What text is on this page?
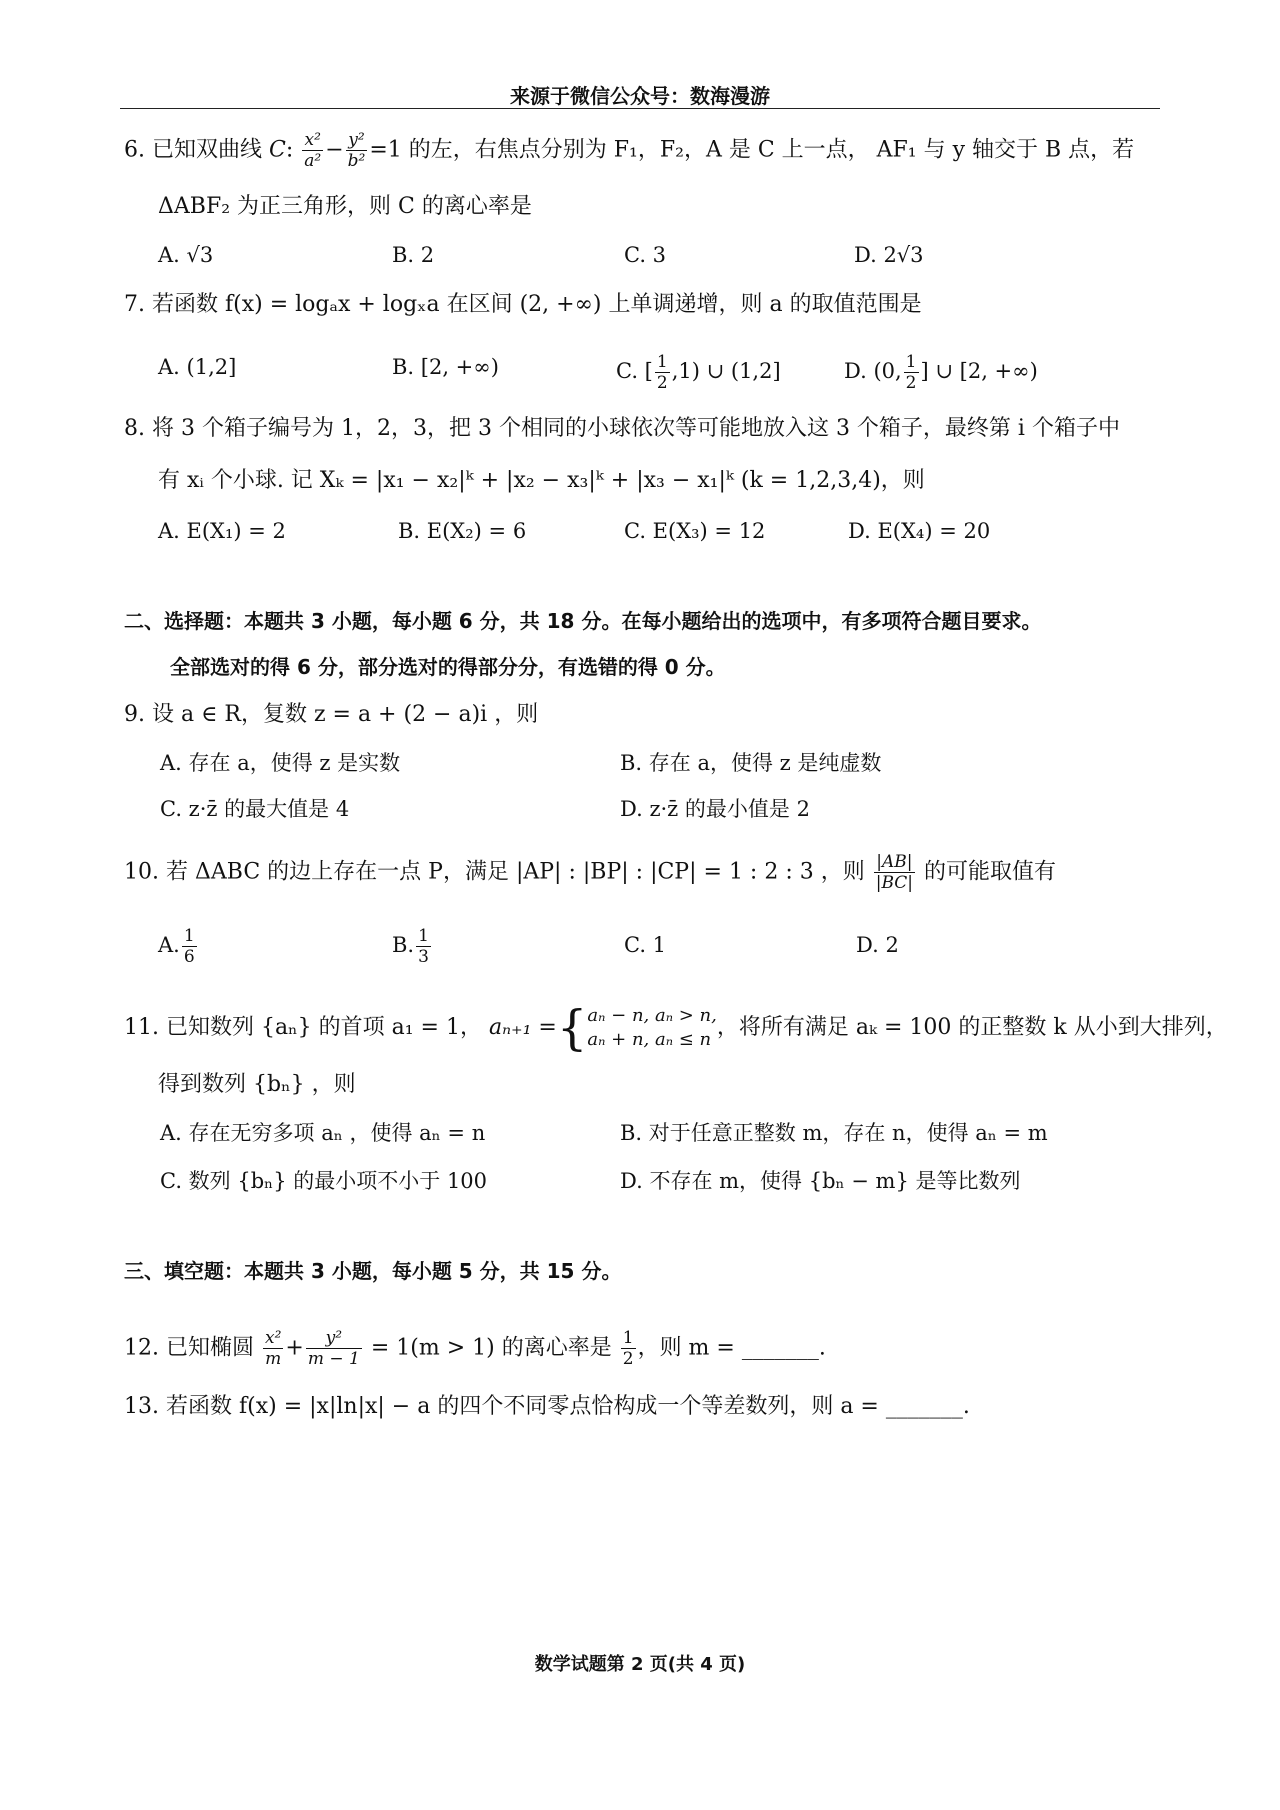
来源于微信公众号：数海漫游
6. 已知双曲线 C: $\frac{\text{x²}}{\text{a²}} - \frac{\text{y²}}{\text{b²}} =1$ 的左，右焦点分别为 F₁，F₂，A 是 C 上一点， AF₁ 与 y 轴交于 B 点，若
ΔABF₂ 为正三角形，则 C 的离心率是
A. √3	B. 2	C. 3	D. 2√3
7. 若函数 f(x) = logₐx + logₓa 在区间 (2, +∞) 上单调递增，则 a 的取值范围是
A. (1,2]	B. [2, +∞)	C. [ $\frac{1}{2} ,1$) ∪ (1,2]	D. (0, $\frac{1}{2}$ ] ∪ [2, +∞)
8. 将 3 个箱子编号为 1，2，3，把 3 个相同的小球依次等可能地放入这 3 个箱子，最终第 i 个箱子中
有 xᵢ 个小球. 记 Xₖ = |x₁ − x₂|ᵏ + |x₂ − x₃|ᵏ + |x₃ − x₁|ᵏ (k = 1,2,3,4)，则
A. E(X₁) = 2	B. E(X₂) = 6	C. E(X₃) = 12	D. E(X₄) = 20
二、选择题：本题共 3 小题，每小题 6 分，共 18 分。在每小题给出的选项中，有多项符合题目要求。
全部选对的得 6 分，部分选对的得部分分，有选错的得 0 分。
9. 设 a ∈ R，复数 z = a + (2 − a)i ，则
A. 存在 a，使得 z 是实数	B. 存在 a，使得 z 是纯虚数
C. z·z̄ 的最大值是 4	D. z·z̄ 的最小值是 2
10. 若 ΔABC 的边上存在一点 P，满足 |AP| : |BP| : |CP| = 1 : 2 : 3 ，则 $\frac{|AB|}{|BC|}$ 的可能取值有
A. $\frac{1}{6}$	B. $\frac{1}{3}$	C. 1	D. 2
11. 已知数列 {aₙ} 的首项 a₁ = 1， aₙ₊₁ ={ aₙ − n, aₙ > n,
aₙ + n, aₙ ≤ n ，将所有满足 aₖ = 100 的正整数 k 从小到大排列，
得到数列 {bₙ} ，则
A. 存在无穷多项 aₙ ，使得 aₙ = n	B. 对于任意正整数 m，存在 n，使得 aₙ = m
C. 数列 {bₙ} 的最小项不小于 100	D. 不存在 m，使得 {bₙ − m} 是等比数列
三、填空题：本题共 3 小题，每小题 5 分，共 15 分。
12. 已知椭圆 $\frac{\text{x²}}{m} + \frac{\text{y²}}{m - 1} = 1(m > 1)$ 的离心率是 $\frac{1}{2}$ ，则 m = _______.
13. 若函数 f(x) = |x|ln|x| − a 的四个不同零点恰构成一个等差数列，则 a = _______.
数学试题第 2 页(共 4 页)
